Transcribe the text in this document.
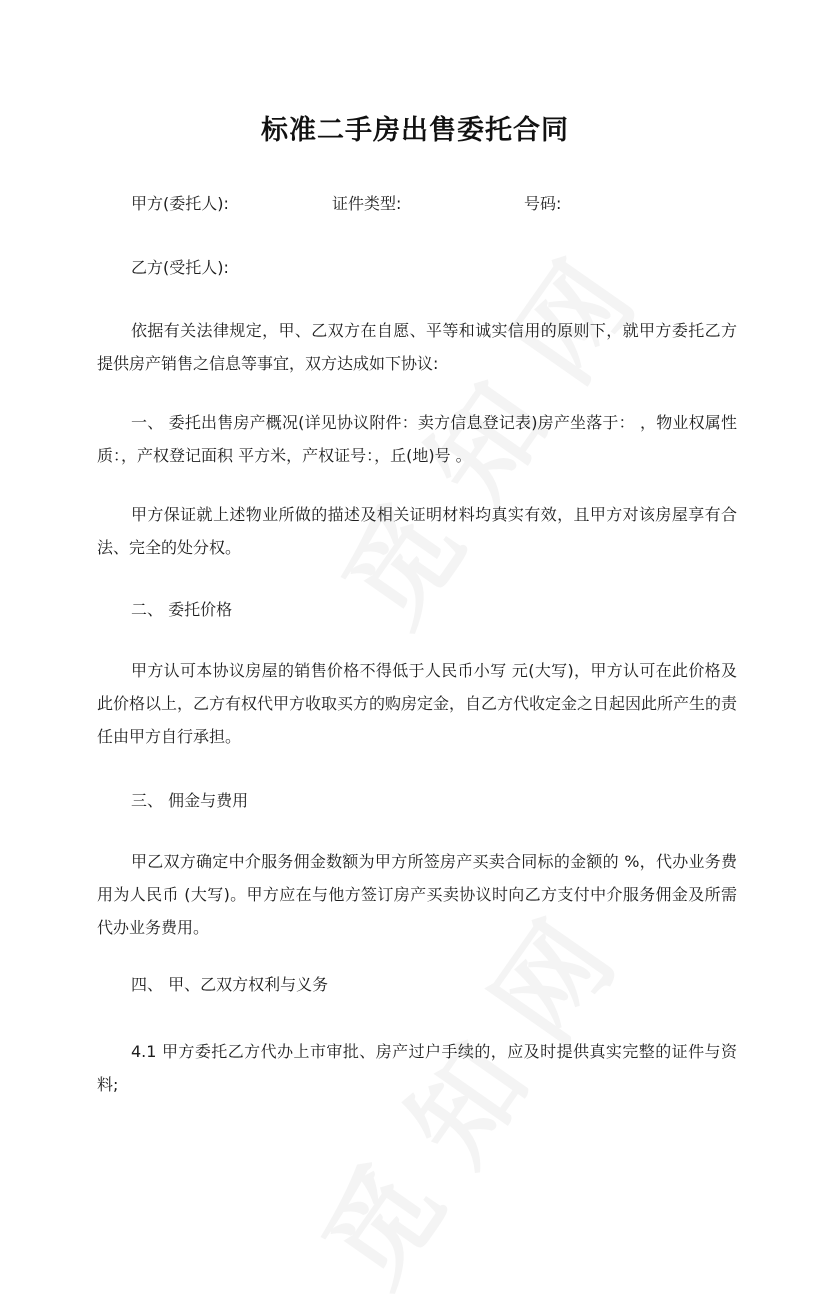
标准二手房出售委托合同
甲方(委托人):	证件类型:	号码:
乙方(受托人):
依据有关法律规定，甲、乙双方在自愿、平等和诚实信用的原则下，就甲方委托乙方提供房产销售之信息等事宜，双方达成如下协议:
一、 委托出售房产概况(详见协议附件：卖方信息登记表)房产坐落于： ，物业权属性质：，产权登记面积 平方米，产权证号：，丘(地)号 。
甲方保证就上述物业所做的描述及相关证明材料均真实有效，且甲方对该房屋享有合法、完全的处分权。
二、 委托价格
甲方认可本协议房屋的销售价格不得低于人民币小写 元(大写)，甲方认可在此价格及此价格以上，乙方有权代甲方收取买方的购房定金，自乙方代收定金之日起因此所产生的责任由甲方自行承担。
三、 佣金与费用
甲乙双方确定中介服务佣金数额为甲方所签房产买卖合同标的金额的 %，代办业务费用为人民币 (大写)。甲方应在与他方签订房产买卖协议时向乙方支付中介服务佣金及所需代办业务费用。
四、 甲、乙双方权利与义务
4.1 甲方委托乙方代办上市审批、房产过户手续的，应及时提供真实完整的证件与资料;
